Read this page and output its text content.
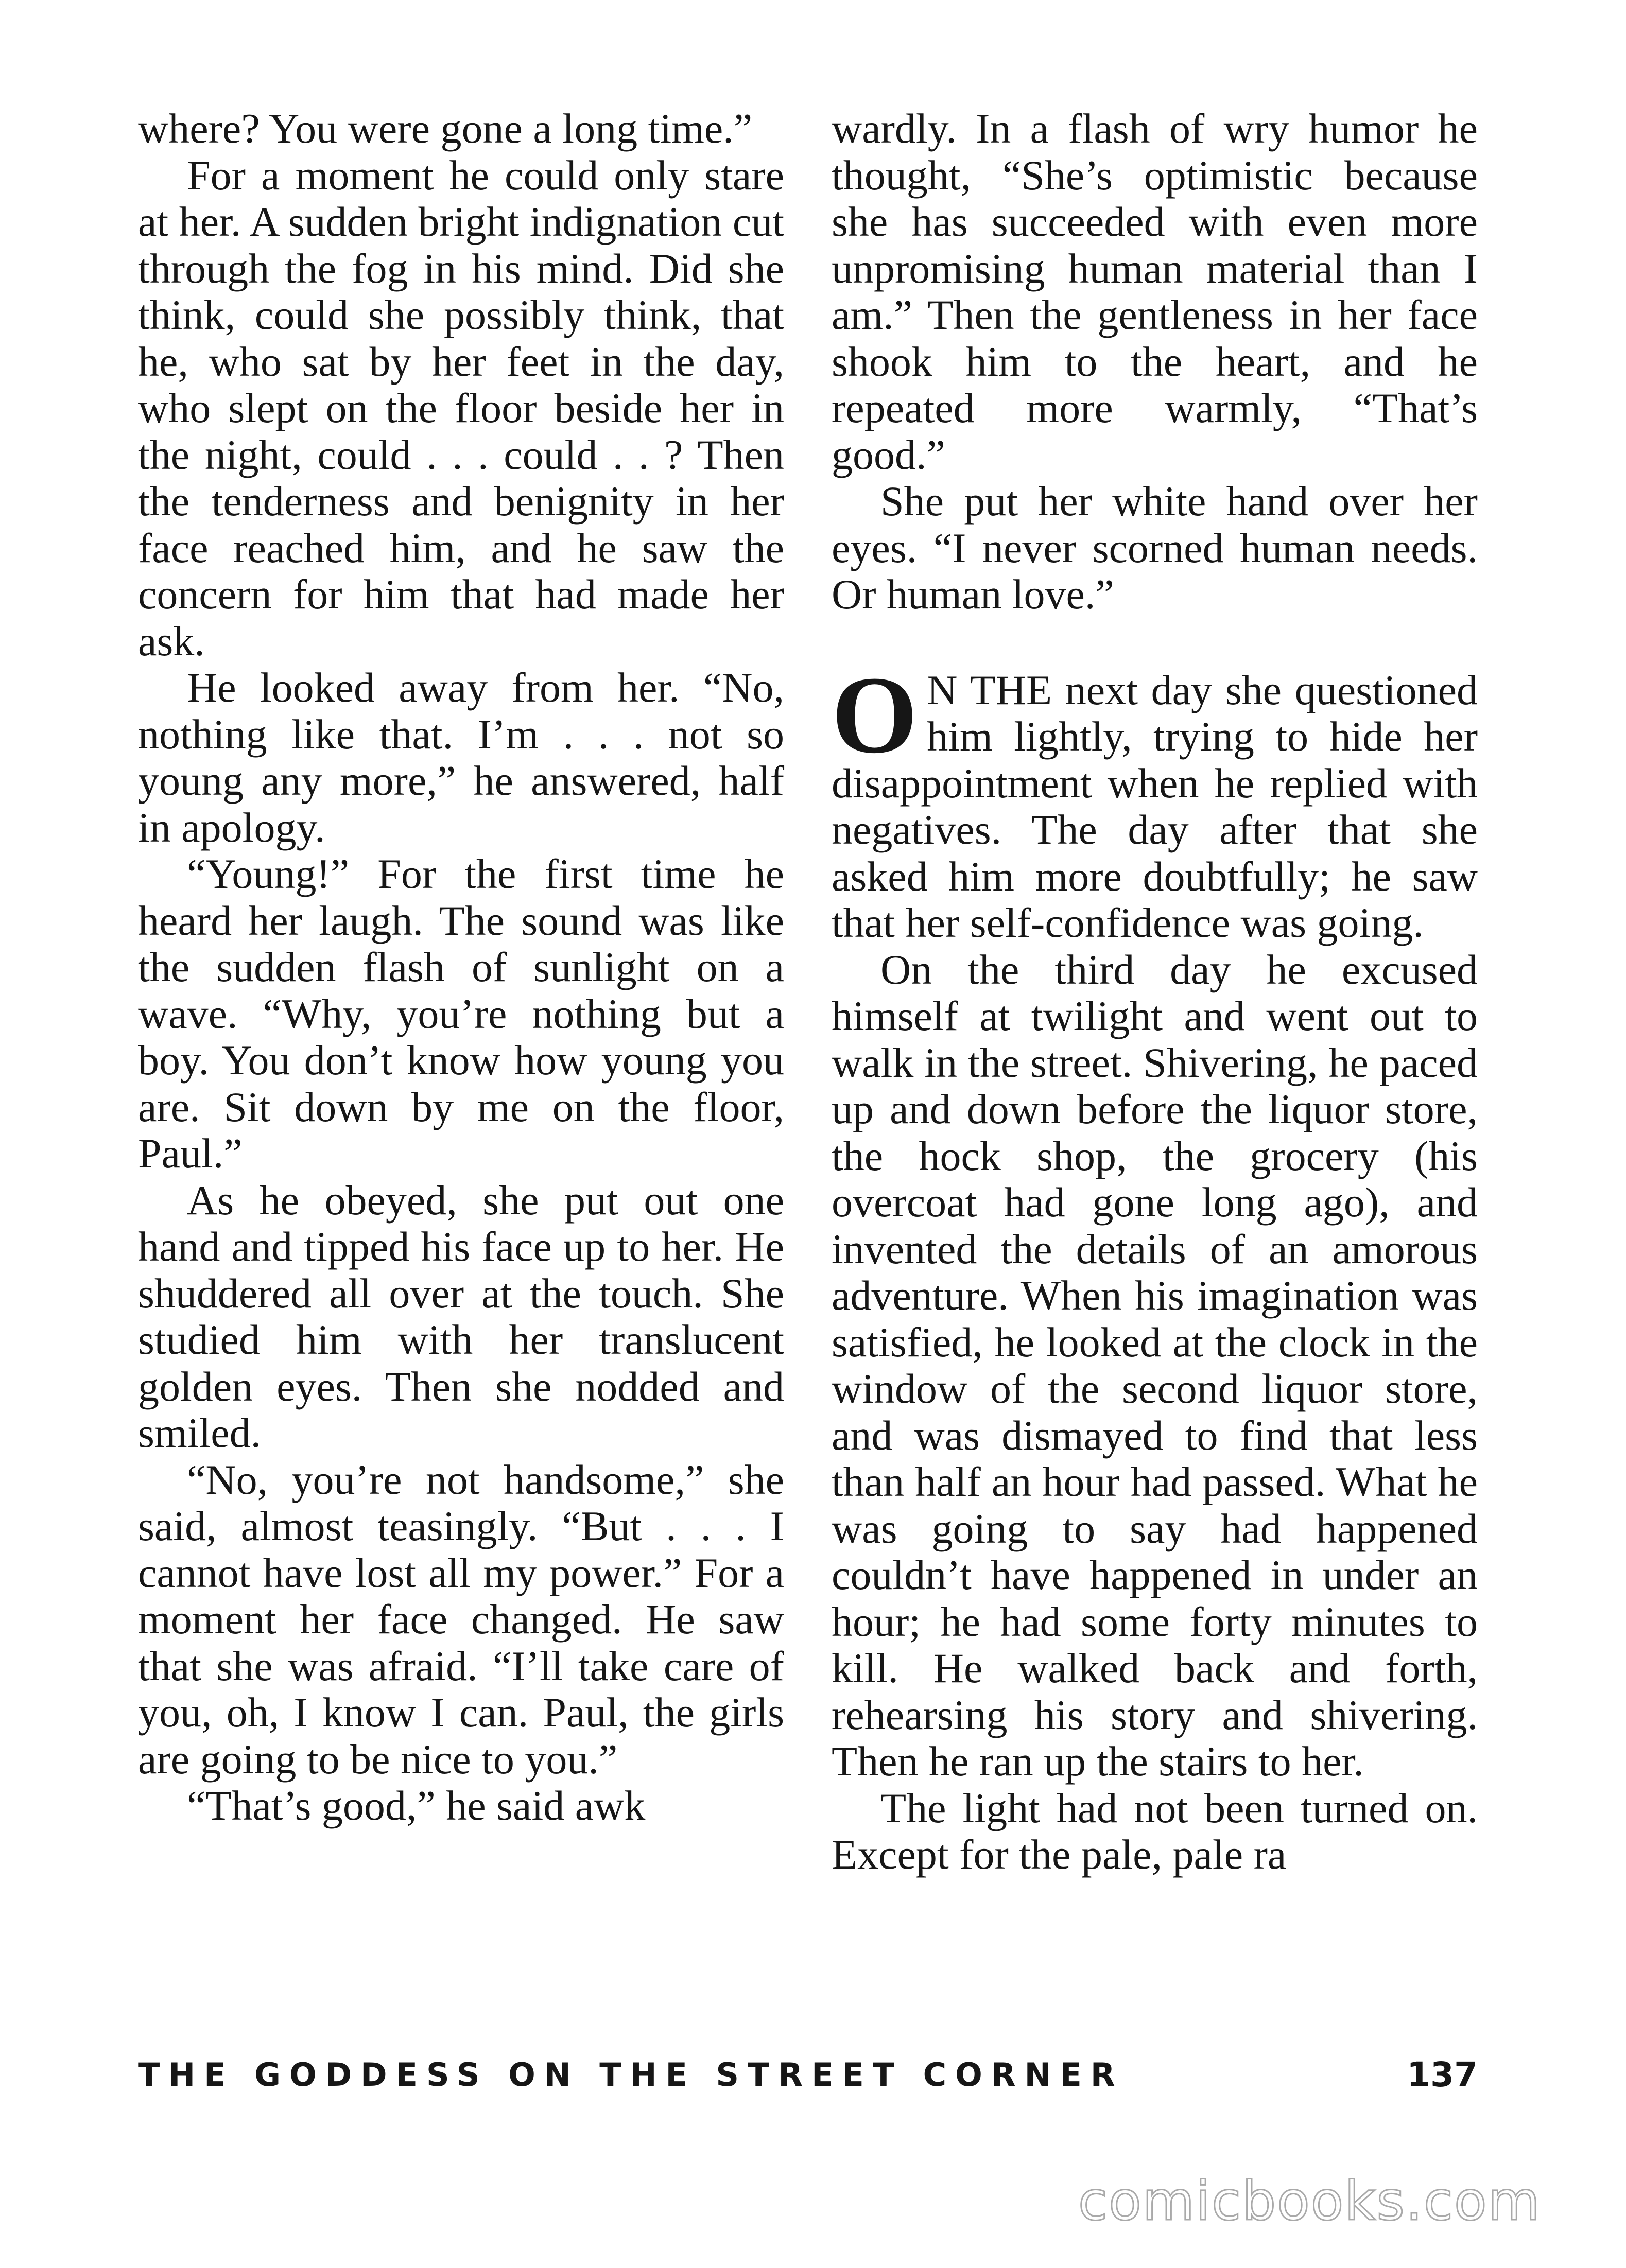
where? You were gone a long time.”

For a moment he could only stare at her. A sudden bright indignation cut through the fog in his mind. Did she think, could she possibly think, that he, who sat by her feet in the day, who slept on the floor beside her in the night, could . . . could . . ? Then the tenderness and benignity in her face reached him, and he saw the concern for him that had made her ask.

He looked away from her. “No, nothing like that. I’m . . . not so young any more,” he answered, half in apology.

“Young!” For the first time he heard her laugh. The sound was like the sudden flash of sunlight on a wave. “Why, you’re nothing but a boy. You don’t know how young you are. Sit down by me on the floor, Paul.”

As he obeyed, she put out one hand and tipped his face up to her. He shuddered all over at the touch. She studied him with her translucent golden eyes. Then she nodded and smiled.

“No, you’re not handsome,” she said, almost teasingly. “But . . . I cannot have lost all my power.” For a moment her face changed. He saw that she was afraid. “I’ll take care of you, oh, I know I can. Paul, the girls are going to be nice to you.”

“That’s good,” he said awk

wardly. In a flash of wry humor he thought, “She’s optimistic because she has succeeded with even more unpromising human material than I am.” Then the gentleness in her face shook him to the heart, and he repeated more warmly, “That’s good.”

She put her white hand over her eyes. “I never scorned human needs. Or human love.”

O N THE next day she questioned him lightly, trying to hide her disappointment when he replied with negatives. The day after that she asked him more doubtfully; he saw that her self-confidence was going.

On the third day he excused himself at twilight and went out to walk in the street. Shivering, he paced up and down before the liquor store, the hock shop, the grocery (his overcoat had gone long ago), and invented the details of an amorous adventure. When his imagination was satisfied, he looked at the clock in the window of the second liquor store, and was dismayed to find that less than half an hour had passed. What he was going to say had happened couldn’t have happened in under an hour; he had some forty minutes to kill. He walked back and forth, rehearsing his story and shivering. Then he ran up the stairs to her.

The light had not been turned on. Except for the pale, pale ra

THE GODDESS ON THE STREET CORNER	137
comicbooks.com
